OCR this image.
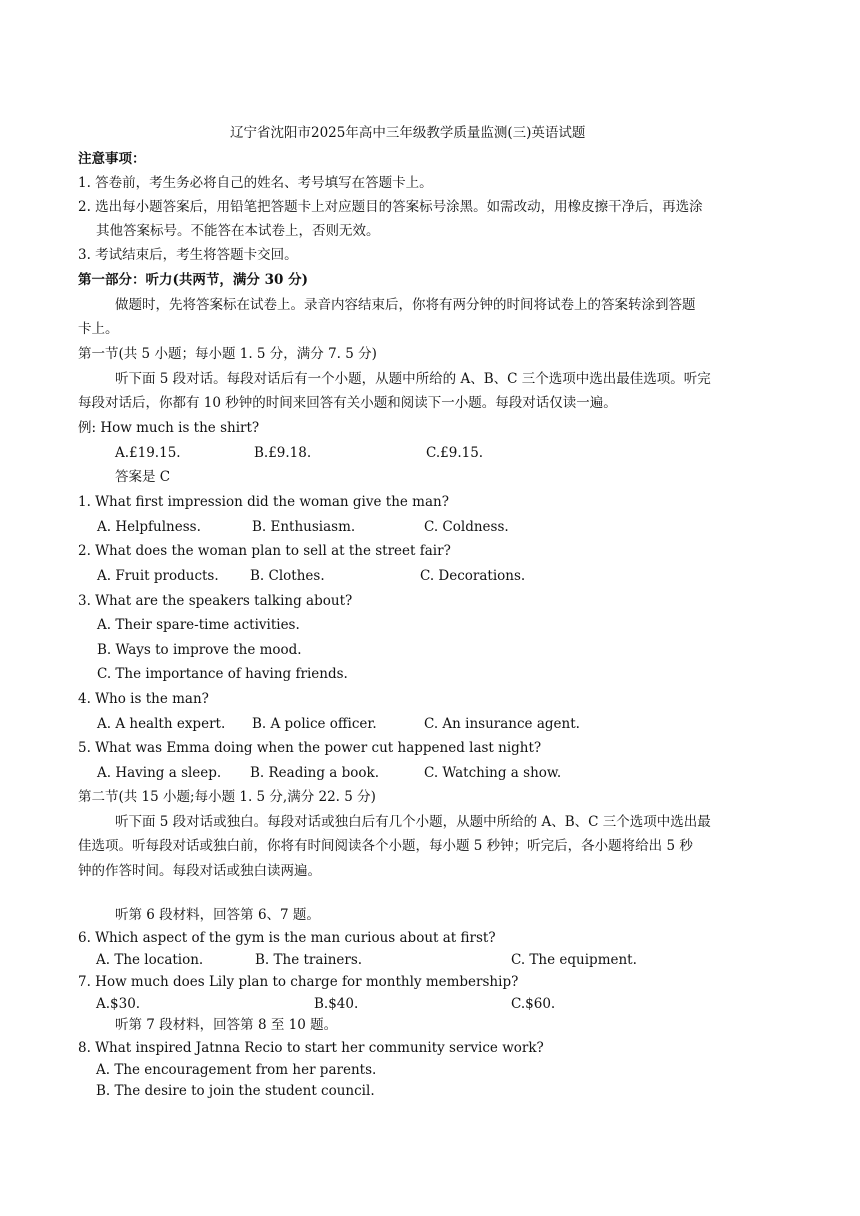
辽宁省沈阳市2025年高中三年级教学质量监测(三)英语试题
注意事项：
1. 答卷前，考生务必将自己的姓名、考号填写在答题卡上。
2. 选出每小题答案后，用铅笔把答题卡上对应题目的答案标号涂黑。如需改动，用橡皮擦干净后，再选涂
其他答案标号。不能答在本试卷上，否则无效。
3. 考试结束后，考生将答题卡交回。
第一部分：听力(共两节，满分 30 分)
做题时，先将答案标在试卷上。录音内容结束后，你将有两分钟的时间将试卷上的答案转涂到答题
卡上。
第一节(共 5 小题；每小题 1. 5 分，满分 7. 5 分)
听下面 5 段对话。每段对话后有一个小题，从题中所给的 A、B、C 三个选项中选出最佳选项。听完
每段对话后，你都有 10 秒钟的时间来回答有关小题和阅读下一小题。每段对话仅读一遍。
例: How much is the shirt?
A.£19.15.	B.£9.18.	C.£9.15.
答案是 C
1. What first impression did the woman give the man?
A. Helpfulness.	B. Enthusiasm.	C. Coldness.
2. What does the woman plan to sell at the street fair?
A. Fruit products. B. Clothes.	C. Decorations.
3. What are the speakers talking about?
A. Their spare-time activities.
B. Ways to improve the mood.
C. The importance of having friends.
4. Who is the man?
A. A health expert. B. A police officer.	C. An insurance agent.
5. What was Emma doing when the power cut happened last night?
A. Having a sleep. B. Reading a book.	C. Watching a show.
第二节(共 15 小题;每小题 1. 5 分,满分 22. 5 分)
听下面 5 段对话或独白。每段对话或独白后有几个小题，从题中所给的 A、B、C 三个选项中选出最
佳选项。听每段对话或独白前，你将有时间阅读各个小题，每小题 5 秒钟；听完后，各小题将给出 5 秒
钟的作答时间。每段对话或独白读两遍。
听第 6 段材料，回答第 6、7 题。
6. Which aspect of the gym is the man curious about at first?
A. The location.	B. The trainers.	C. The equipment.
7. How much does Lily plan to charge for monthly membership?
A.$30.	B.$40.	C.$60.
听第 7 段材料，回答第 8 至 10 题。
8. What inspired Jatnna Recio to start her community service work?
A. The encouragement from her parents.
B. The desire to join the student council.
